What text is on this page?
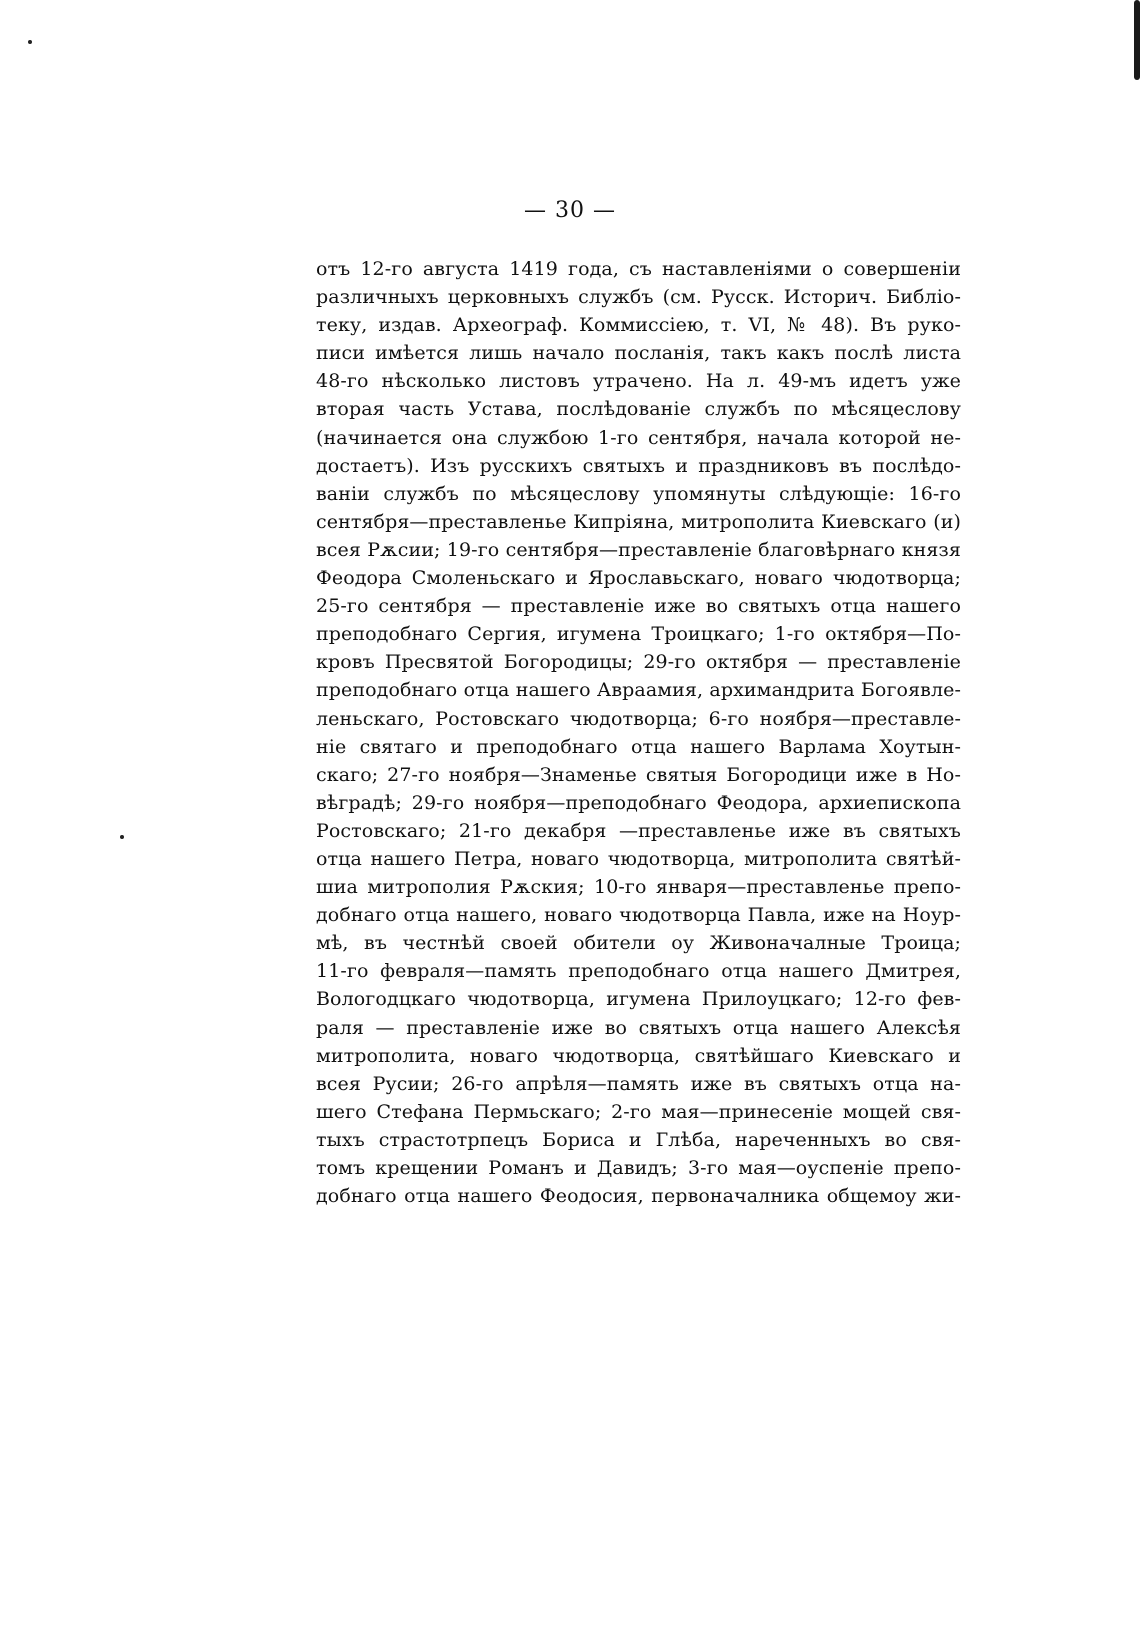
— 30 —
отъ 12-го августа 1419 года, съ наставленіями о совершеніи
различныхъ церковныхъ службъ (см. Русск. Историч. Библіо-
теку, издав. Археограф. Коммиссіею, т. VI, № 48). Въ руко-
писи имѣется лишь начало посланія, такъ какъ послѣ листа
48-го нѣсколько листовъ утрачено. На л. 49-мъ идетъ уже
вторая часть Устава, послѣдованіе службъ по мѣсяцеслову
(начинается она службою 1-го сентября, начала которой не-
достаетъ). Изъ русскихъ святыхъ и праздниковъ въ послѣдо-
ваніи службъ по мѣсяцеслову упомянуты слѣдующіе: 16-го
сентября—преставленье Кипріяна, митрополита Киевскаго (и)
всея Рѫсии; 19-го сентября—преставленіе благовѣрнаго князя
Феодора Смоленьскаго и Ярославьскаго, новаго чюдотворца;
25-го сентября — преставленіе иже во святыхъ отца нашего
преподобнаго Сергия, игумена Троицкаго; 1-го октября—По-
кровъ Пресвятой Богородицы; 29-го октября — преставленіе
преподобнаго отца нашего Авраамия, архимандрита Богоявле-
леньскаго, Ростовскаго чюдотворца; 6-го ноября—преставле-
ніе святаго и преподобнаго отца нашего Варлама Хоутын-
скаго; 27-го ноября—Знаменье святыя Богородици иже в Но-
вѣградѣ; 29-го ноября—преподобнаго Феодора, архиепископа
Ростовскаго; 21-го декабря —преставленье иже въ святыхъ
отца нашего Петра, новаго чюдотворца, митрополита святѣй-
шиа митрополия Рѫския; 10-го января—преставленье препо-
добнаго отца нашего, новаго чюдотворца Павла, иже на Ноур-
мѣ, въ честнѣй своей обители оу Живоначалные Троица;
11-го февраля—память преподобнаго отца нашего Дмитрея,
Вологодцкаго чюдотворца, игумена Прилоуцкаго; 12-го фев-
раля — преставленіе иже во святыхъ отца нашего Алексѣя
митрополита, новаго чюдотворца, святѣйшаго Киевскаго и
всея Русии; 26-го апрѣля—память иже въ святыхъ отца на-
шего Стефана Пермьскаго; 2-го мая—принесеніе мощей свя-
тыхъ страстотрпецъ Бориса и Глѣба, нареченныхъ во свя-
томъ крещении Романъ и Давидъ; 3-го мая—оуспеніе препо-
добнаго отца нашего Феодосия, первоначалника общемоу жи-
